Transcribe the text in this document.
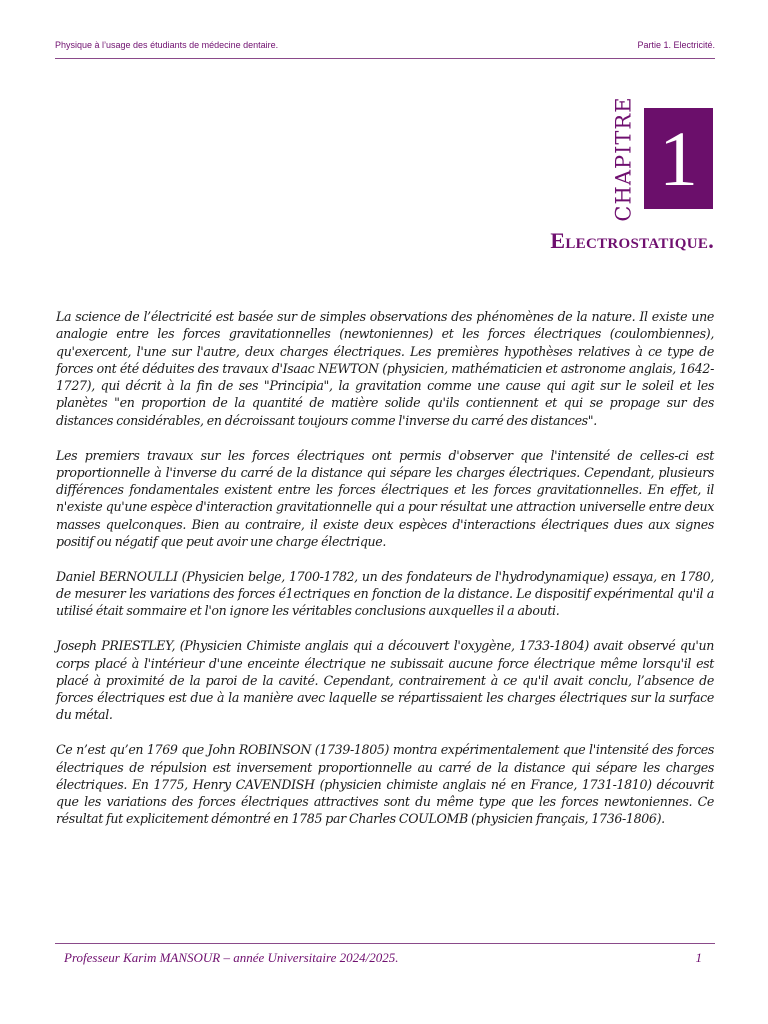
Physique à l’usage des étudiants de médecine dentaire.	Partie 1. Electricité.
CHAPITRE 1
Electrostatique.

La science de l’électricité est basée sur de simples observations des phénomènes de la nature. Il existe une analogie entre les forces gravitationnelles (newtoniennes) et les forces électriques (coulombiennes), qu'exercent, l'une sur l'autre, deux charges électriques. Les premières hypothèses relatives à ce type de forces ont été déduites des travaux d'Isaac NEWTON (physicien, mathématicien et astronome anglais, 1642-1727), qui décrit à la fin de ses "Principia", la gravitation comme une cause qui agit sur le soleil et les planètes "en proportion de la quantité de matière solide qu'ils contiennent et qui se propage sur des distances considérables, en décroissant toujours comme l'inverse du carré des distances".

Les premiers travaux sur les forces électriques ont permis d'observer que l'intensité de celles-ci est proportionnelle à l'inverse du carré de la distance qui sépare les charges électriques. Cependant, plusieurs différences fondamentales existent entre les forces électriques et les forces gravitationnelles. En effet, il n'existe qu'une espèce d'interaction gravitationnelle qui a pour résultat une attraction universelle entre deux masses quelconques. Bien au contraire, il existe deux espèces d'interactions électriques dues aux signes positif ou négatif que peut avoir une charge électrique.

Daniel BERNOULLI (Physicien belge, 1700-1782, un des fondateurs de l'hydrodynamique) essaya, en 1780, de mesurer les variations des forces é1ectriques en fonction de la distance. Le dispositif expérimental qu'il a utilisé était sommaire et l'on ignore les véritables conclusions auxquelles il a abouti.

Joseph PRIESTLEY, (Physicien Chimiste anglais qui a découvert l'oxygène, 1733-1804) avait observé qu'un corps placé à l'intérieur d'une enceinte électrique ne subissait aucune force électrique même lorsqu'il est placé à proximité de la paroi de la cavité. Cependant, contrairement à ce qu'il avait conclu, l’absence de forces électriques est due à la manière avec laquelle se répartissaient les charges électriques sur la surface du métal.

Ce n’est qu’en 1769 que John ROBINSON (1739-1805) montra expérimentalement que l'intensité des forces électriques de répulsion est inversement proportionnelle au carré de la distance qui sépare les charges électriques. En 1775, Henry CAVENDISH (physicien chimiste anglais né en France, 1731-1810) découvrit que les variations des forces électriques attractives sont du même type que les forces newtoniennes. Ce résultat fut explicitement démontré en 1785 par Charles COULOMB (physicien français, 1736-1806).

Professeur Karim MANSOUR – année Universitaire 2024/2025.	1
